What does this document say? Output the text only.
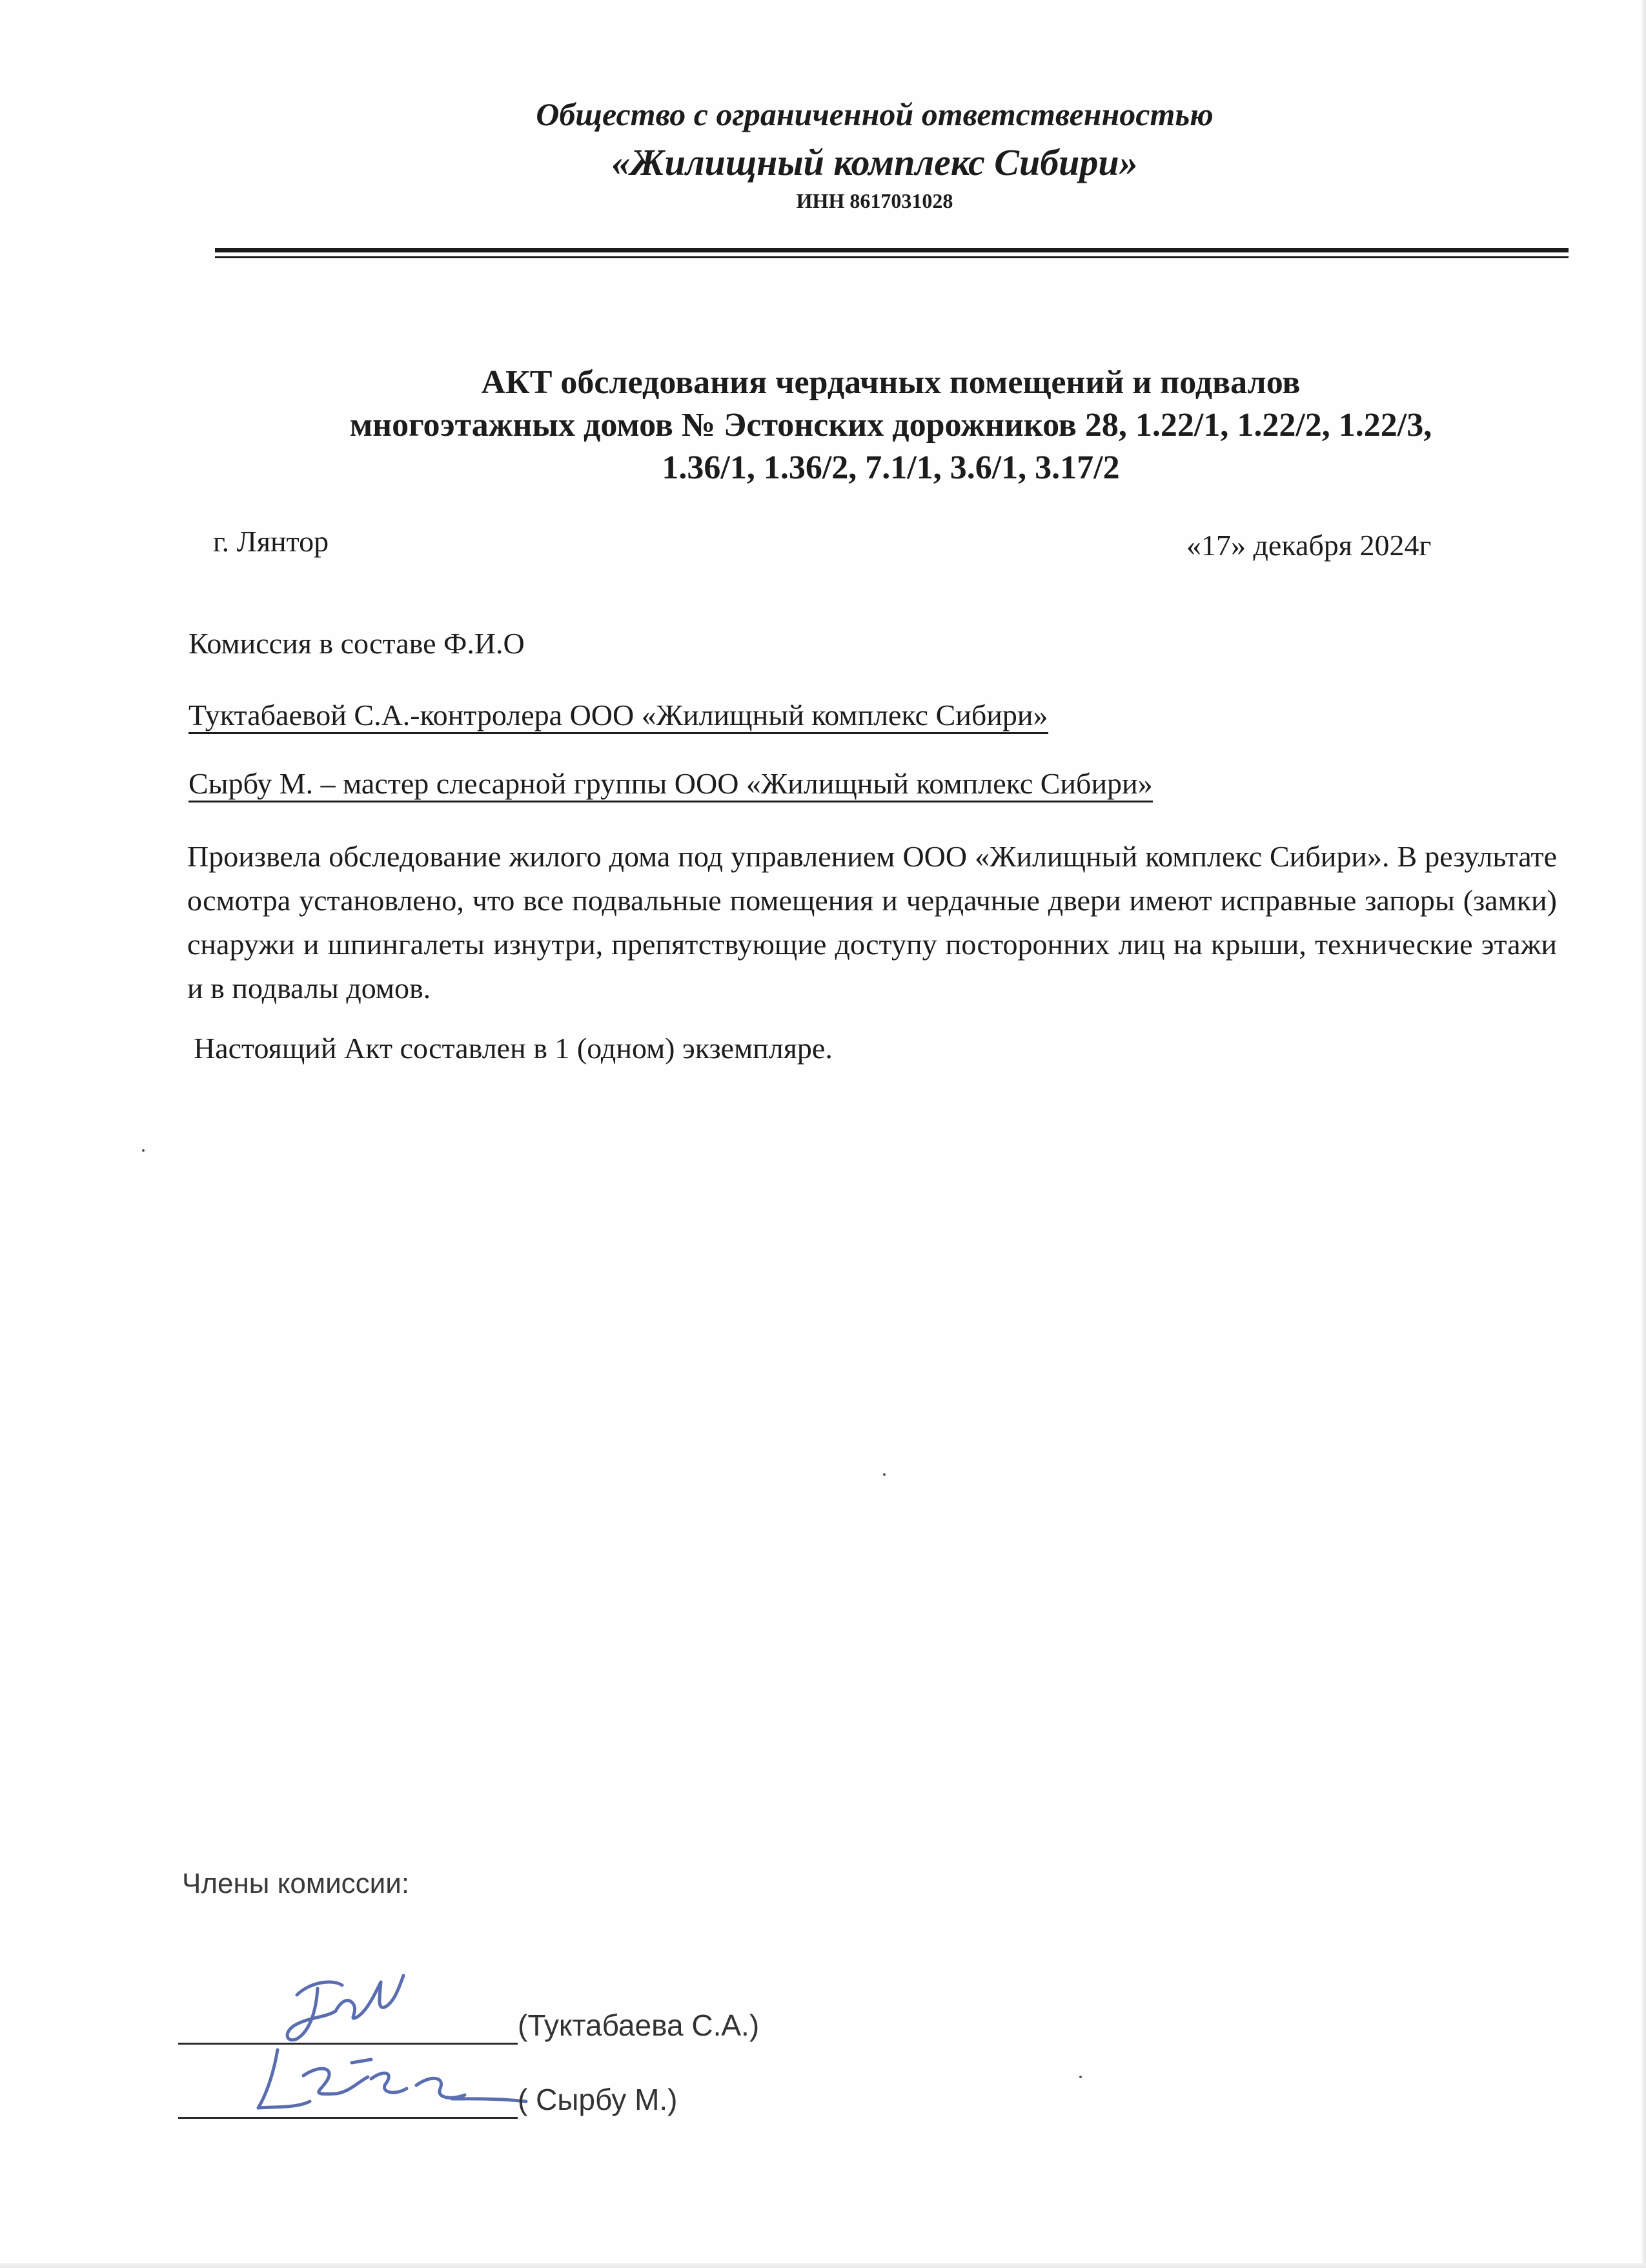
Общество с ограниченной ответственностью
«Жилищный комплекс Сибири»
ИНН 8617031028
АКТ обследования чердачных помещений и подвалов
многоэтажных домов № Эстонских дорожников 28, 1.22/1, 1.22/2, 1.22/3,
1.36/1, 1.36/2, 7.1/1, 3.6/1, 3.17/2
г. Лянтор	«17» декабря 2024г
Комиссия в составе Ф.И.О
Туктабаевой С.А.-контролера ООО «Жилищный комплекс Сибири»
Сырбу М. – мастер слесарной группы ООО «Жилищный комплекс Сибири»
Произвела обследование жилого дома под управлением ООО «Жилищный комплекс Сибири». В результате осмотра установлено, что все подвальные помещения и чердачные двери имеют исправные запоры (замки) снаружи и шпингалеты изнутри, препятствующие доступу посторонних лиц на крыши, технические этажи и в подвалы домов.
Настоящий Акт составлен в 1 (одном) экземпляре.
Члены комиссии:
(Туктабаева С.А.)
( Сырбу М.)
